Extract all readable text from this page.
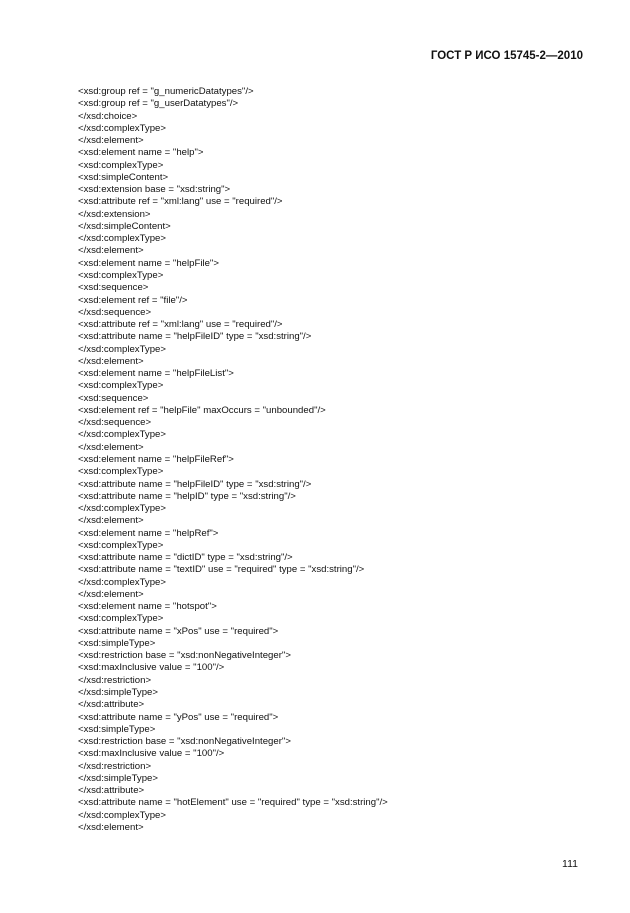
ГОСТ Р ИСО 15745-2—2010
<xsd:group ref = "g_numericDatatypes"/>
<xsd:group ref = "g_userDatatypes"/>
</xsd:choice>
</xsd:complexType>
</xsd:element>
<xsd:element name = "help">
<xsd:complexType>
<xsd:simpleContent>
<xsd:extension base = "xsd:string">
<xsd:attribute ref = "xml:lang" use = "required"/>
</xsd:extension>
</xsd:simpleContent>
</xsd:complexType>
</xsd:element>
<xsd:element name = "helpFile">
<xsd:complexType>
<xsd:sequence>
<xsd:element ref = "file"/>
</xsd:sequence>
<xsd:attribute ref = "xml:lang" use = "required"/>
<xsd:attribute name = "helpFileID" type = "xsd:string"/>
</xsd:complexType>
</xsd:element>
<xsd:element name = "helpFileList">
<xsd:complexType>
<xsd:sequence>
<xsd:element ref = "helpFile" maxOccurs = "unbounded"/>
</xsd:sequence>
</xsd:complexType>
</xsd:element>
<xsd:element name = "helpFileRef">
<xsd:complexType>
<xsd:attribute name = "helpFileID" type = "xsd:string"/>
<xsd:attribute name = "helpID" type = "xsd:string"/>
</xsd:complexType>
</xsd:element>
<xsd:element name = "helpRef">
<xsd:complexType>
<xsd:attribute name = "dictID" type = "xsd:string"/>
<xsd:attribute name = "textID" use = "required" type = "xsd:string"/>
</xsd:complexType>
</xsd:element>
<xsd:element name = "hotspot">
<xsd:complexType>
<xsd:attribute name = "xPos" use = "required">
<xsd:simpleType>
<xsd:restriction base = "xsd:nonNegativeInteger">
<xsd:maxInclusive value = "100"/>
</xsd:restriction>
</xsd:simpleType>
</xsd:attribute>
<xsd:attribute name = "yPos" use = "required">
<xsd:simpleType>
<xsd:restriction base = "xsd:nonNegativeInteger">
<xsd:maxInclusive value = "100"/>
</xsd:restriction>
</xsd:simpleType>
</xsd:attribute>
<xsd:attribute name = "hotElement" use = "required" type = "xsd:string"/>
</xsd:complexType>
</xsd:element>
111
